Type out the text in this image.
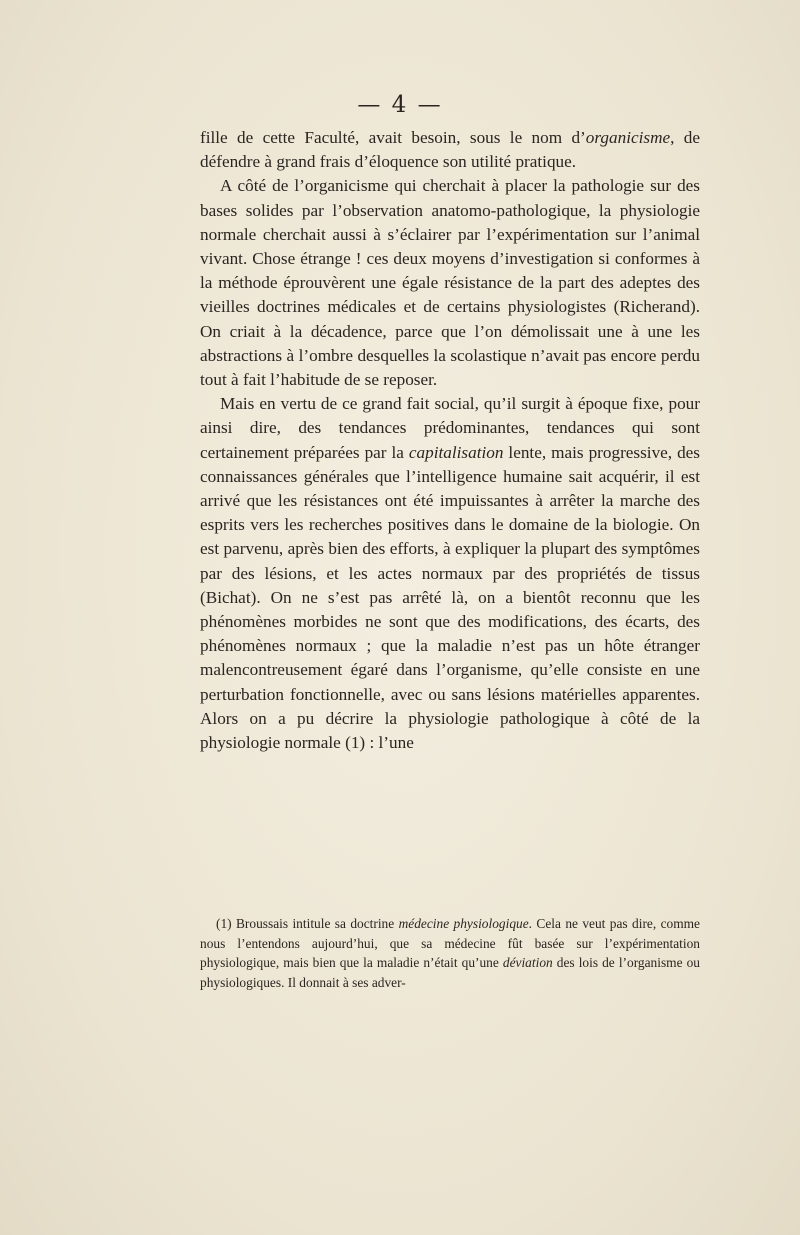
— 4 —

fille de cette Faculté, avait besoin, sous le nom d’organicisme, de défendre à grand frais d’éloquence son utilité pratique.

A côté de l’organicisme qui cherchait à placer la pathologie sur des bases solides par l’observation anatomo-pathologique, la physiologie normale cherchait aussi à s’éclairer par l’expérimentation sur l’animal vivant. Chose étrange ! ces deux moyens d’investigation si conformes à la méthode éprouvèrent une égale résistance de la part des adeptes des vieilles doctrines médicales et de certains physiologistes (Richerand). On criait à la décadence, parce que l’on démolissait une à une les abstractions à l’ombre desquelles la scolastique n’avait pas encore perdu tout à fait l’habitude de se reposer.

Mais en vertu de ce grand fait social, qu’il surgit à époque fixe, pour ainsi dire, des tendances prédominantes, tendances qui sont certainement préparées par la capitalisation lente, mais progressive, des connaissances générales que l’intelligence humaine sait acquérir, il est arrivé que les résistances ont été impuissantes à arrêter la marche des esprits vers les recherches positives dans le domaine de la biologie. On est parvenu, après bien des efforts, à expliquer la plupart des symptômes par des lésions, et les actes normaux par des propriétés de tissus (Bichat). On ne s’est pas arrêté là, on a bientôt reconnu que les phénomènes morbides ne sont que des modifications, des écarts, des phénomènes normaux ; que la maladie n’est pas un hôte étranger malencontreusement égaré dans l’organisme, qu’elle consiste en une perturbation fonctionnelle, avec ou sans lésions matérielles apparentes. Alors on a pu décrire la physiologie pathologique à côté de la physiologie normale (1) : l’une

(1) Broussais intitule sa doctrine médecine physiologique. Cela ne veut pas dire, comme nous l’entendons aujourd’hui, que sa médecine fût basée sur l’expérimentation physiologique, mais bien que la maladie n’était qu’une déviation des lois de l’organisme ou physiologiques. Il donnait à ses adver-
